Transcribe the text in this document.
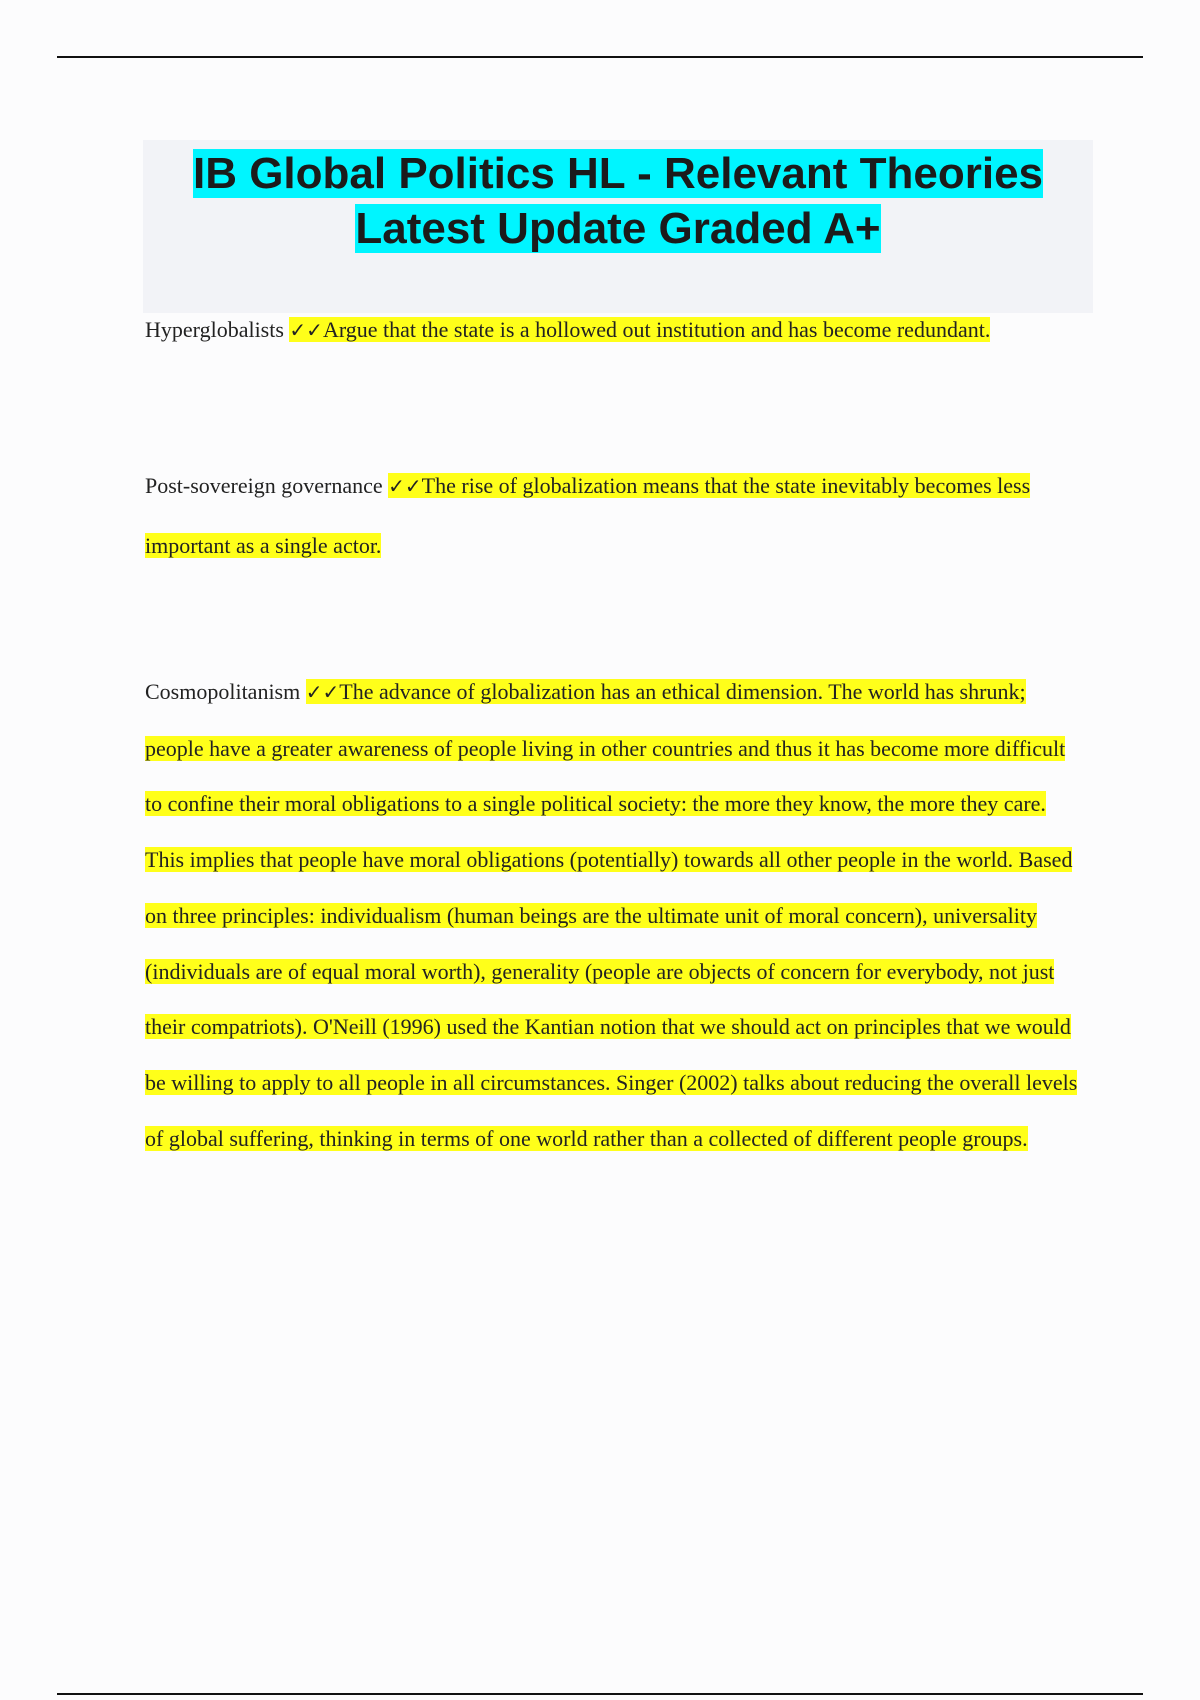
IB Global Politics HL - Relevant Theories
Latest Update Graded A+

Hyperglobalists ✓✓Argue that the state is a hollowed out institution and has become redundant.

Post-sovereign governance ✓✓The rise of globalization means that the state inevitably becomes less important as a single actor.

Cosmopolitanism ✓✓The advance of globalization has an ethical dimension. The world has shrunk; people have a greater awareness of people living in other countries and thus it has become more difficult to confine their moral obligations to a single political society: the more they know, the more they care. This implies that people have moral obligations (potentially) towards all other people in the world. Based on three principles: individualism (human beings are the ultimate unit of moral concern), universality (individuals are of equal moral worth), generality (people are objects of concern for everybody, not just their compatriots). O'Neill (1996) used the Kantian notion that we should act on principles that we would be willing to apply to all people in all circumstances. Singer (2002) talks about reducing the overall levels of global suffering, thinking in terms of one world rather than a collected of different people groups.
